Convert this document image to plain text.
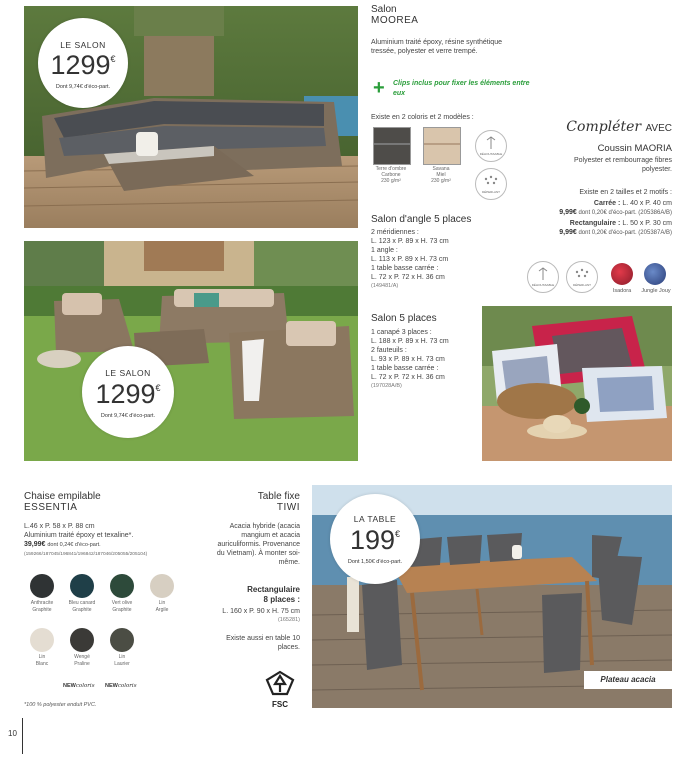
LE SALON
1299€
Dont 9,74€ d'éco-part.
Salon
MOOREA
Aluminium traité époxy, résine synthétique tressée, polyester et verre trempé.
+ Clips inclus pour fixer les éléments entre eux
Existe en 2 coloris et 2 modèles :
Terre d'ombre
Carbone
230 g/m²
Savana
Miel
230 g/m²
DÉHOUSSABLE
DÉPERLANT
Salon d'angle 5 places
2 méridiennes :
L. 123 x P. 89 x H. 73 cm
1 angle :
L. 113 x P. 89 x H. 73 cm
1 table basse carrée :
L. 72 x P. 72 x H. 36 cm
(149481/A)
Salon 5 places
1 canapé 3 places :
L. 188 x P. 89 x H. 73 cm
2 fauteuils :
L. 93 x P. 89 x H. 73 cm
1 table basse carrée :
L. 72 x P. 72 x H. 36 cm
(197028A/B)
Compléter AVEC
Coussin MAORIA
Polyester et rembourrage fibres polyester.
Existe en 2 tailles et 2 motifs :
Carrée : L. 40 x P. 40 cm
9,99€ dont 0,20€ d'éco-part. (205386A/B)
Rectangulaire : L. 50 x P. 30 cm
9,99€ dont 0,20€ d'éco-part. (205387A/B)
DÉHOUSSABLE	DÉPERLANT
Isadora	Jungle Jouy
LE SALON
1299€
Dont 9,74€ d'éco-part.
Chaise empilable
ESSENTIA
L.46 x P. 58 x P. 88 cm
Aluminium traité époxy et texaline*.
39,99€ dont 0,24€ d'éco-part.
(159266/187045/196841/196842/187046/205055/205104)
Anthracite
Graphite
Bleu canard
Graphite
Vert olive
Graphite
Lin
Argile
Lin
Blanc
Wengé
Praline
Lin
Laurier
NEWcoloris NEWcoloris
*100 % polyester enduit PVC.
Table fixe
TIWI
Acacia hybride (acacia mangium et acacia auriculiformis. Provenance du Vietnam). À monter soi-même.
Rectangulaire
8 places :
L. 160 x P. 90 x H. 75 cm
(165281)
Existe aussi en table 10 places.
FSC
LA TABLE
199€
Dont 1,50€ d'éco-part.
Plateau acacia
10
